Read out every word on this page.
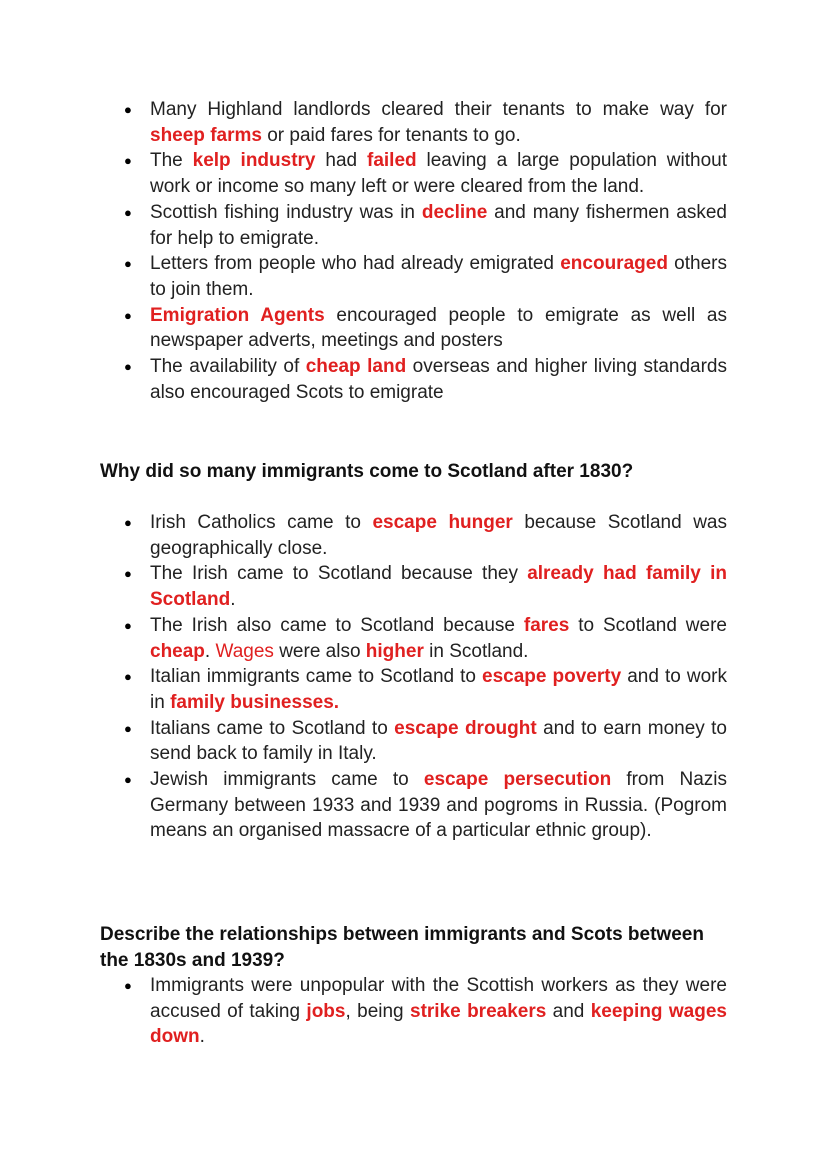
● Many Highland landlords cleared their tenants to make way for sheep farms or paid fares for tenants to go.
● The kelp industry had failed leaving a large population without work or income so many left or were cleared from the land.
● Scottish fishing industry was in decline and many fishermen asked for help to emigrate.
● Letters from people who had already emigrated encouraged others to join them.
● Emigration Agents encouraged people to emigrate as well as newspaper adverts, meetings and posters
● The availability of cheap land overseas and higher living standards also encouraged Scots to emigrate
Why did so many immigrants come to Scotland after 1830?
● Irish Catholics came to escape hunger because Scotland was geographically close.
● The Irish came to Scotland because they already had family in Scotland.
● The Irish also came to Scotland because fares to Scotland were cheap. Wages were also higher in Scotland.
● Italian immigrants came to Scotland to escape poverty and to work in family businesses.
● Italians came to Scotland to escape drought and to earn money to send back to family in Italy.
● Jewish immigrants came to escape persecution from Nazis Germany between 1933 and 1939 and pogroms in Russia. (Pogrom means an organised massacre of a particular ethnic group).
Describe the relationships between immigrants and Scots between the 1830s and 1939?
● Immigrants were unpopular with the Scottish workers as they were accused of taking jobs, being strike breakers and keeping wages down.
